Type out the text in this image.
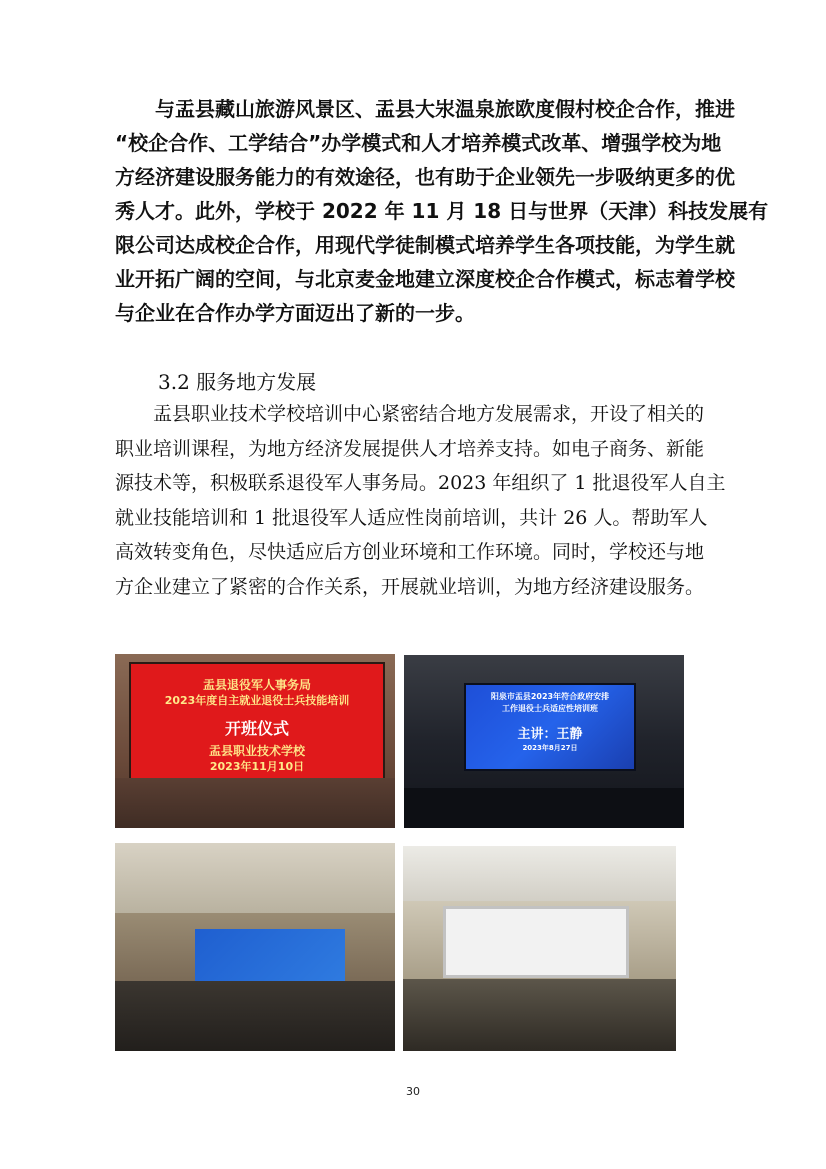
与盂县藏山旅游风景区、盂县大汖温泉旅欧度假村校企合作，推进
“校企合作、工学结合”办学模式和人才培养模式改革、增强学校为地
方经济建设服务能力的有效途径，也有助于企业领先一步吸纳更多的优
秀人才。此外，学校于 2022 年 11 月 18 日与世界（天津）科技发展有
限公司达成校企合作，用现代学徒制模式培养学生各项技能，为学生就
业开拓广阔的空间，与北京麦金地建立深度校企合作模式，标志着学校
与企业在合作办学方面迈出了新的一步。
3.2 服务地方发展
盂县职业技术学校培训中心紧密结合地方发展需求，开设了相关的
职业培训课程，为地方经济发展提供人才培养支持。如电子商务、新能
源技术等，积极联系退役军人事务局。2023 年组织了 1 批退役军人自主
就业技能培训和 1 批退役军人适应性岗前培训，共计 26 人。帮助军人
高效转变角色，尽快适应后方创业环境和工作环境。同时，学校还与地
方企业建立了紧密的合作关系，开展就业培训，为地方经济建设服务。
盂县退役军人事务局
2023年度自主就业退役士兵技能培训
开班仪式
盂县职业技术学校
2023年11月10日
阳泉市盂县2023年符合政府安排
工作退役士兵适应性培训班
主讲：王静
2023年8月27日
30
